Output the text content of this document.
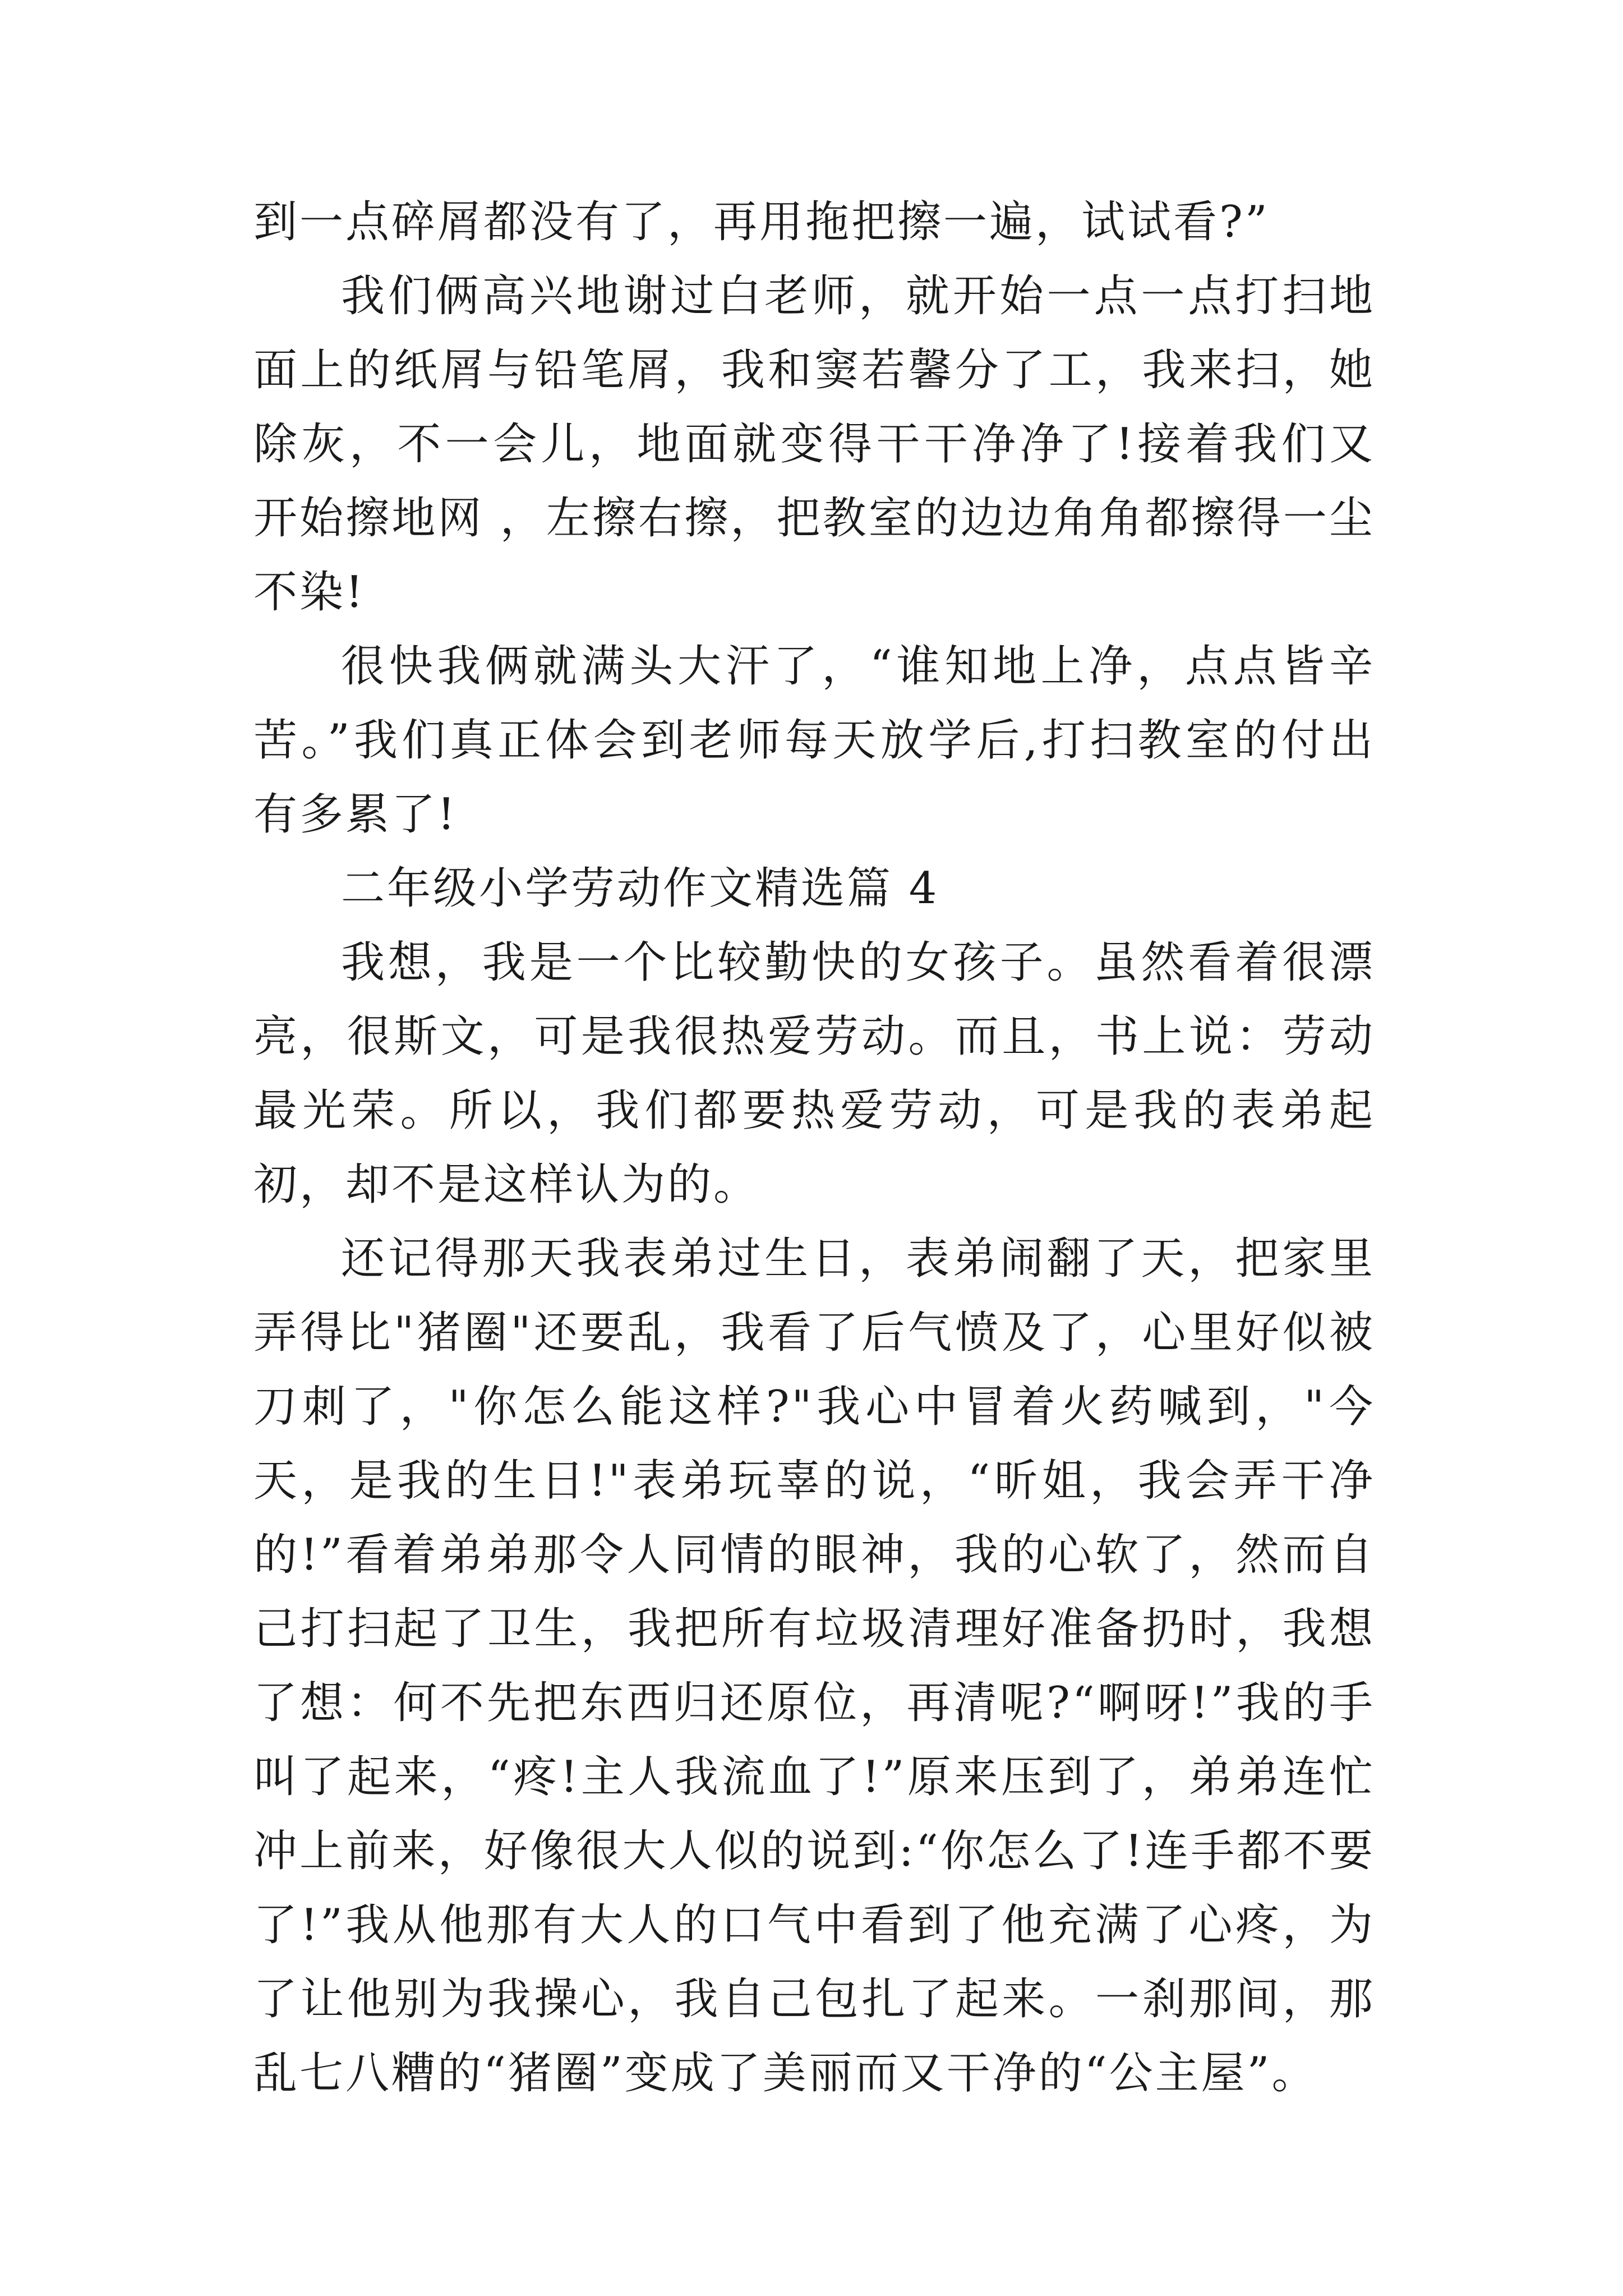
到一点碎屑都没有了，再用拖把擦一遍，试试看?”

我们俩高兴地谢过白老师，就开始一点一点打扫地面上的纸屑与铅笔屑，我和窦若馨分了工，我来扫，她除灰，不一会儿，地面就变得干干净净了!接着我们又开始擦地网 ，左擦右擦，把教室的边边角角都擦得一尘不染!

很快我俩就满头大汗了，“谁知地上净，点点皆辛苦。”我们真正体会到老师每天放学后,打扫教室的付出有多累了!

二年级小学劳动作文精选篇 4

我想，我是一个比较勤快的女孩子。虽然看着很漂亮，很斯文，可是我很热爱劳动。而且，书上说：劳动最光荣。所以，我们都要热爱劳动，可是我的表弟起初，却不是这样认为的。

还记得那天我表弟过生日，表弟闹翻了天，把家里弄得比"猪圈"还要乱，我看了后气愤及了，心里好似被刀刺了，"你怎么能这样?"我心中冒着火药喊到，"今天，是我的生日!"表弟玩辜的说，“昕姐，我会弄干净的!”看着弟弟那令人同情的眼神，我的心软了，然而自己打扫起了卫生，我把所有垃圾清理好准备扔时，我想了想：何不先把东西归还原位，再清呢?“啊呀!”我的手叫了起来，“疼!主人我流血了!”原来压到了，弟弟连忙冲上前来，好像很大人似的说到:“你怎么了!连手都不要了!”我从他那有大人的口气中看到了他充满了心疼，为了让他别为我操心，我自己包扎了起来。一刹那间，那乱七八糟的“猪圈”变成了美丽而又干净的“公主屋”。
